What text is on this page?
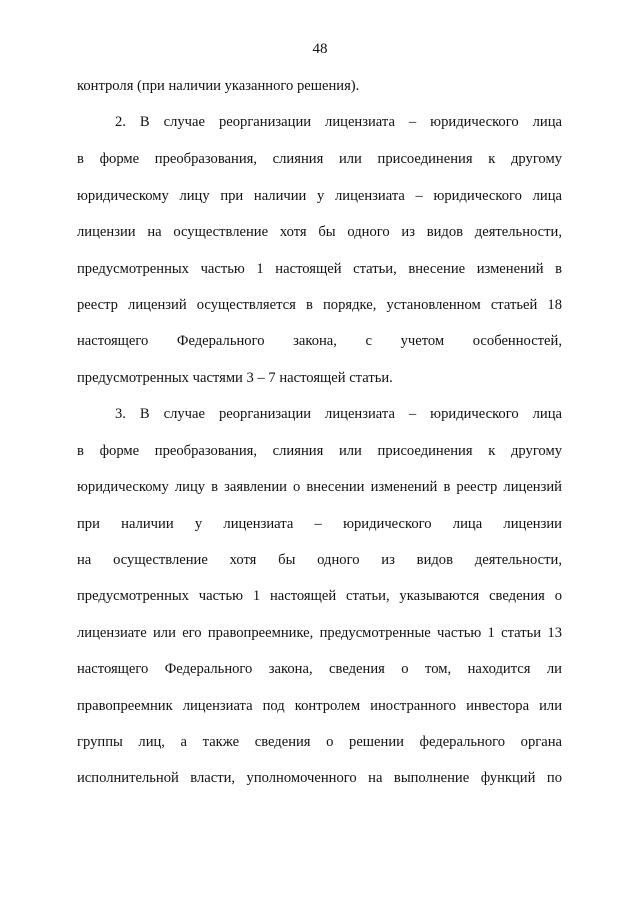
48
контроля (при наличии указанного решения).
2. В случае реорганизации лицензиата – юридического лица
в форме преобразования, слияния или присоединения к другому
юридическому лицу при наличии у лицензиата – юридического лица
лицензии на осуществление хотя бы одного из видов деятельности,
предусмотренных частью 1 настоящей статьи, внесение изменений в
реестр лицензий осуществляется в порядке, установленном статьей 18
настоящего Федерального закона, с учетом особенностей,
предусмотренных частями 3 – 7 настоящей статьи.
3. В случае реорганизации лицензиата – юридического лица
в форме преобразования, слияния или присоединения к другому
юридическому лицу в заявлении о внесении изменений в реестр лицензий
при наличии у лицензиата – юридического лица лицензии
на осуществление хотя бы одного из видов деятельности,
предусмотренных частью 1 настоящей статьи, указываются сведения о
лицензиате или его правопреемнике, предусмотренные частью 1 статьи 13
настоящего Федерального закона, сведения о том, находится ли
правопреемник лицензиата под контролем иностранного инвестора или
группы лиц, а также сведения о решении федерального органа
исполнительной власти, уполномоченного на выполнение функций по
